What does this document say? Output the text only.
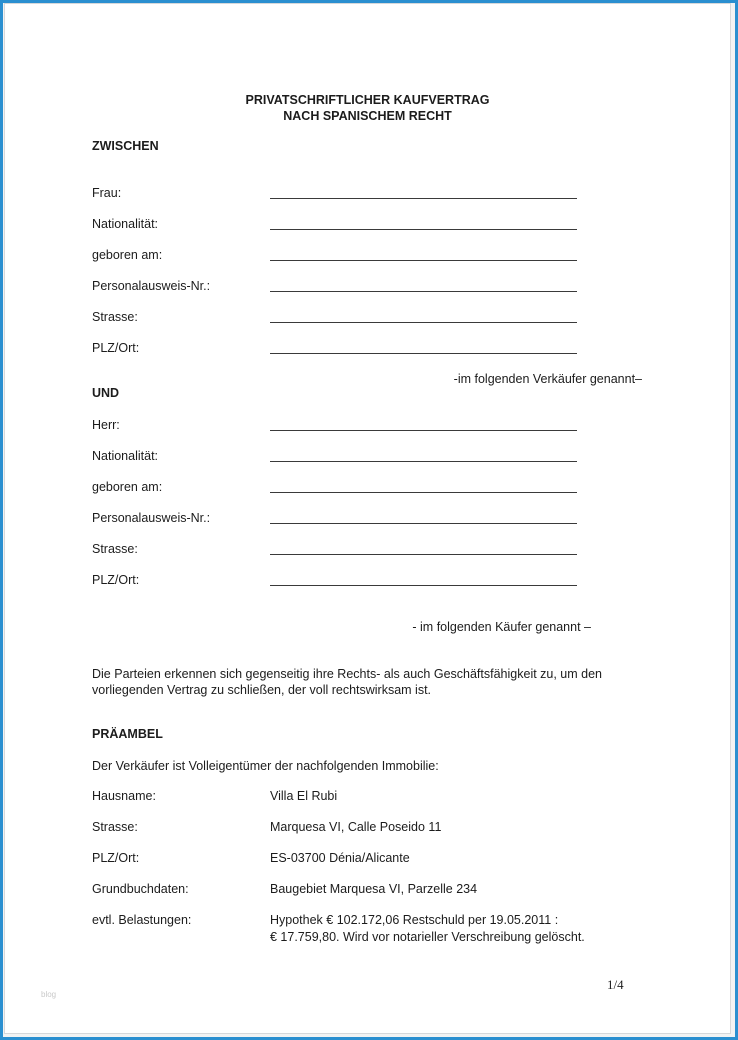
PRIVATSCHRIFTLICHER KAUFVERTRAG
NACH SPANISCHEM RECHT
ZWISCHEN
Frau:
Nationalität:
geboren am:
Personalausweis-Nr.:
Strasse:
PLZ/Ort:
-im folgenden Verkäufer genannt–
UND
Herr:
Nationalität:
geboren am:
Personalausweis-Nr.:
Strasse:
PLZ/Ort:
- im folgenden Käufer genannt –
Die Parteien erkennen sich gegenseitig ihre Rechts- als auch Geschäftsfähigkeit zu, um den vorliegenden Vertrag zu schließen, der voll rechtswirksam ist.
PRÄAMBEL
Der Verkäufer ist Volleigentümer der nachfolgenden Immobilie:
Hausname:	Villa El Rubi
Strasse:	Marquesa VI, Calle Poseido 11
PLZ/Ort:	ES-03700 Dénia/Alicante
Grundbuchdaten:	Baugebiet Marquesa VI, Parzelle 234
evtl. Belastungen:	Hypothek € 102.172,06 Restschuld per 19.05.2011 :
€ 17.759,80. Wird vor notarieller Verschreibung gelöscht.
1/4
blog
